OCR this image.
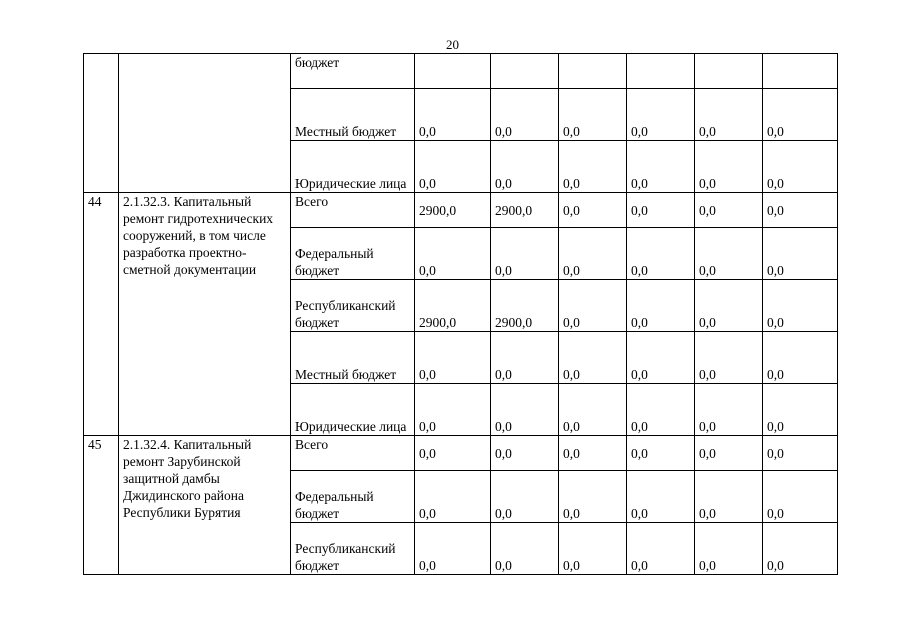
20
		бюджет						
		Местный бюджет	0,0	0,0	0,0	0,0	0,0	0,0
		Юридические лица	0,0	0,0	0,0	0,0	0,0	0,0
44	2.1.32.3. Капитальный ремонт гидротехнических сооружений, в том числе разработка проектно-сметной документации	Всего	2900,0	2900,0	0,0	0,0	0,0	0,0
		Федеральный бюджет	0,0	0,0	0,0	0,0	0,0	0,0
		Республиканский бюджет	2900,0	2900,0	0,0	0,0	0,0	0,0
		Местный бюджет	0,0	0,0	0,0	0,0	0,0	0,0
		Юридические лица	0,0	0,0	0,0	0,0	0,0	0,0
45	2.1.32.4. Капитальный ремонт Зарубинской защитной дамбы Джидинского района Республики Бурятия	Всего	0,0	0,0	0,0	0,0	0,0	0,0
		Федеральный бюджет	0,0	0,0	0,0	0,0	0,0	0,0
		Республиканский бюджет	0,0	0,0	0,0	0,0	0,0	0,0
